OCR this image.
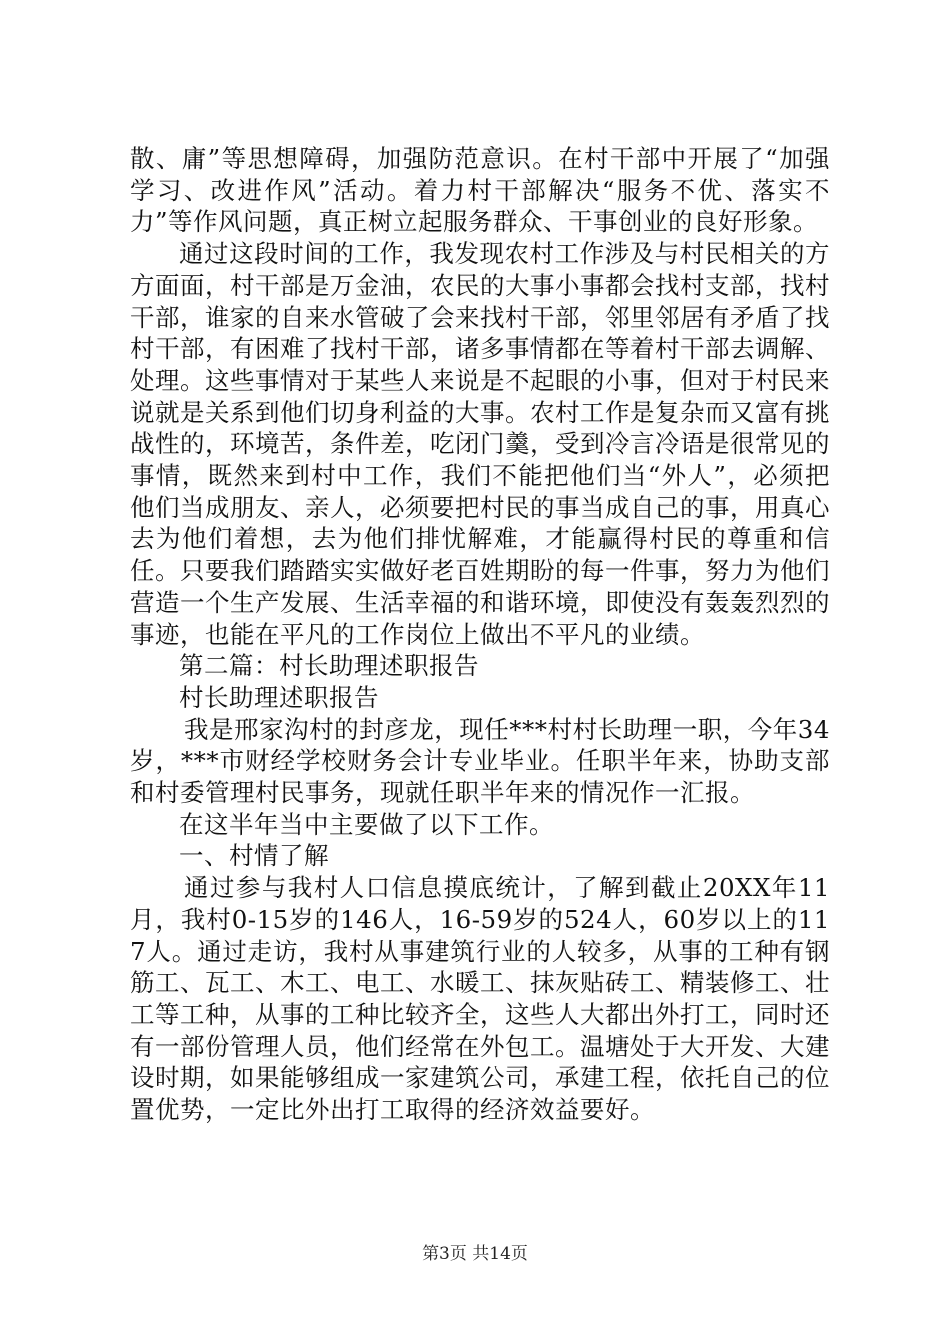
散、庸”等思想障碍，加强防范意识。在村干部中开展了“加强学习、改进作风”活动。着力村干部解决“服务不优、落实不力”等作风问题，真正树立起服务群众、干事创业的良好形象。

通过这段时间的工作，我发现农村工作涉及与村民相关的方方面面，村干部是万金油，农民的大事小事都会找村支部，找村干部，谁家的自来水管破了会来找村干部，邻里邻居有矛盾了找村干部，有困难了找村干部，诸多事情都在等着村干部去调解、处理。这些事情对于某些人来说是不起眼的小事，但对于村民来说就是关系到他们切身利益的大事。农村工作是复杂而又富有挑战性的，环境苦，条件差，吃闭门羹，受到冷言冷语是很常见的事情，既然来到村中工作，我们不能把他们当“外人”，必须把他们当成朋友、亲人，必须要把村民的事当成自己的事，用真心去为他们着想，去为他们排忧解难，才能赢得村民的尊重和信任。只要我们踏踏实实做好老百姓期盼的每一件事，努力为他们营造一个生产发展、生活幸福的和谐环境，即使没有轰轰烈烈的事迹，也能在平凡的工作岗位上做出不平凡的业绩。

第二篇：村长助理述职报告

村长助理述职报告

我是邢家沟村的封彦龙，现任***村村长助理一职，今年34岁，***市财经学校财务会计专业毕业。任职半年来，协助支部和村委管理村民事务，现就任职半年来的情况作一汇报。

在这半年当中主要做了以下工作。

一、村情了解

通过参与我村人口信息摸底统计，了解到截止20XX年11月，我村0-15岁的146人，16-59岁的524人，60岁以上的117人。通过走访，我村从事建筑行业的人较多，从事的工种有钢筋工、瓦工、木工、电工、水暖工、抹灰贴砖工、精装修工、壮工等工种，从事的工种比较齐全，这些人大都出外打工，同时还有一部份管理人员，他们经常在外包工。温塘处于大开发、大建设时期，如果能够组成一家建筑公司，承建工程，依托自己的位置优势，一定比外出打工取得的经济效益要好。

第3页 共14页
